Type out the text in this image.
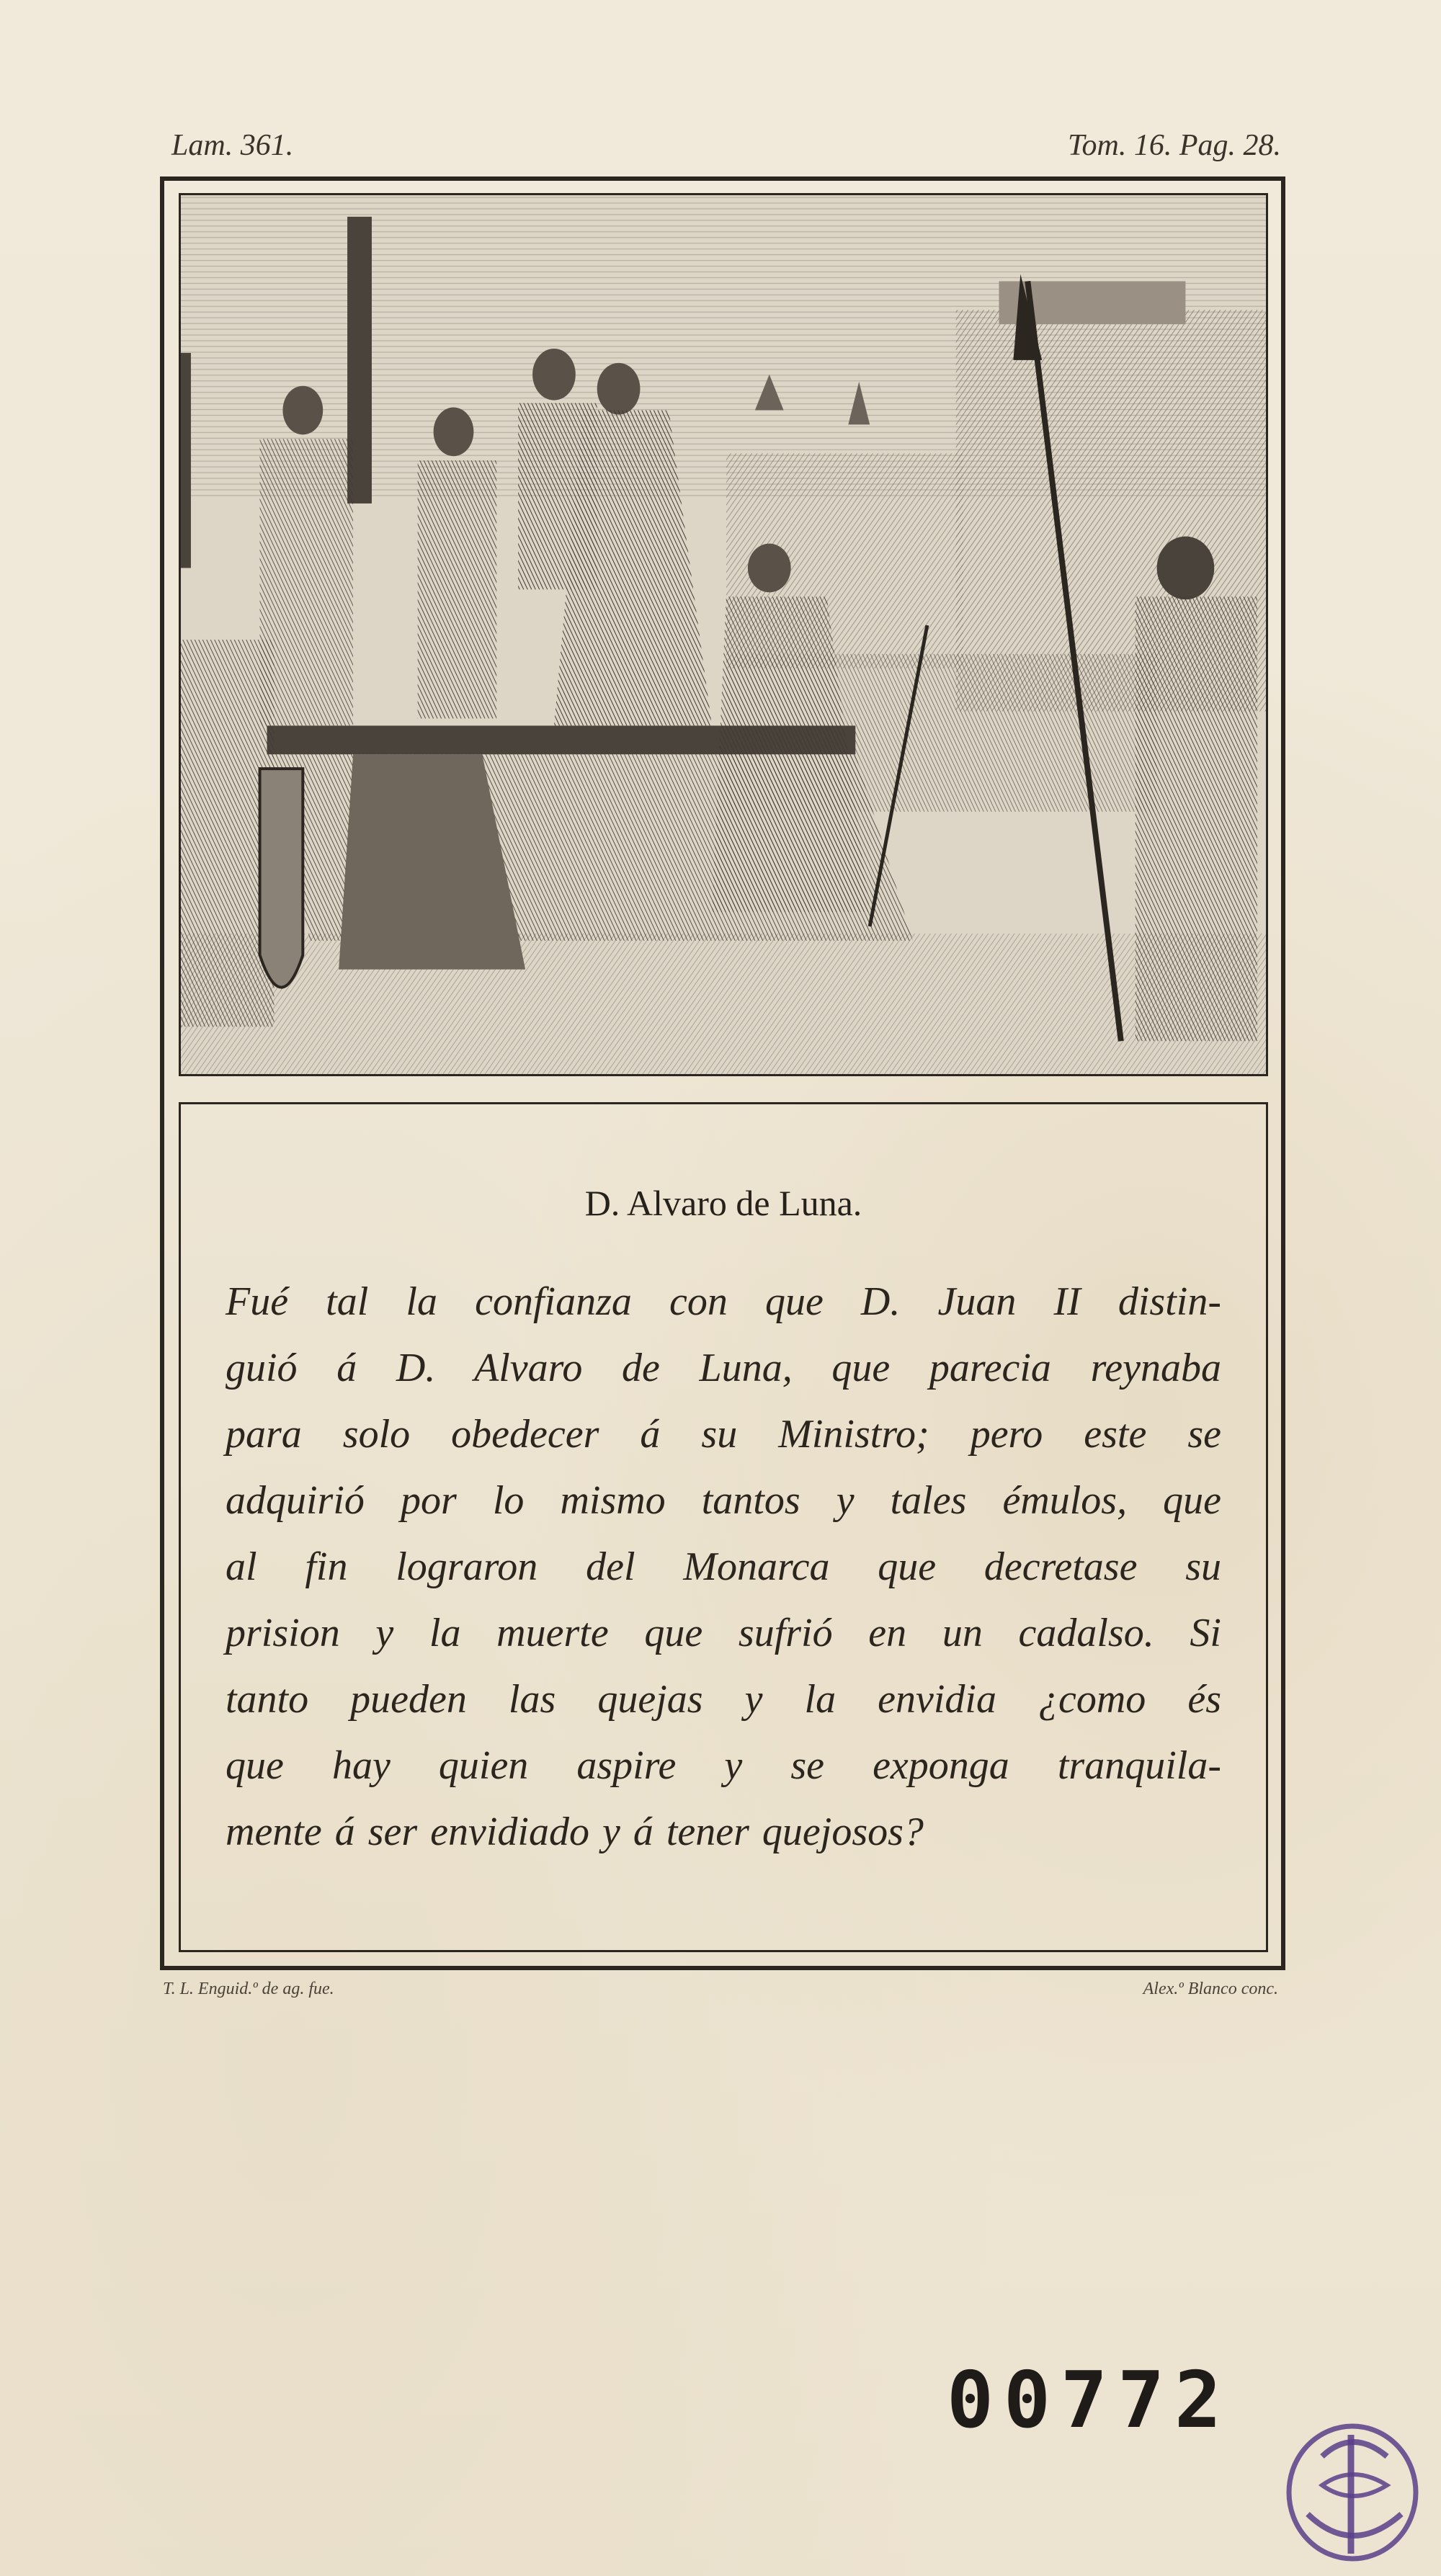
Lam. 361.	Tom. 16. Pag. 28.
D. Alvaro de Luna.
Fué tal la confianza con que D. Juan II distin-
guió á D. Alvaro de Luna, que parecia reynaba
para solo obedecer á su Ministro; pero este se
adquirió por lo mismo tantos y tales émulos, que
al fin lograron del Monarca que decretase su
prision y la muerte que sufrió en un cadalso. Si
tanto pueden las quejas y la envidia ¿como és
que hay quien aspire y se exponga tranquila-
mente á ser envidiado y á tener quejosos?
T. L. Enguid.º de ag. fue.	Alex.º Blanco conc.
00772
